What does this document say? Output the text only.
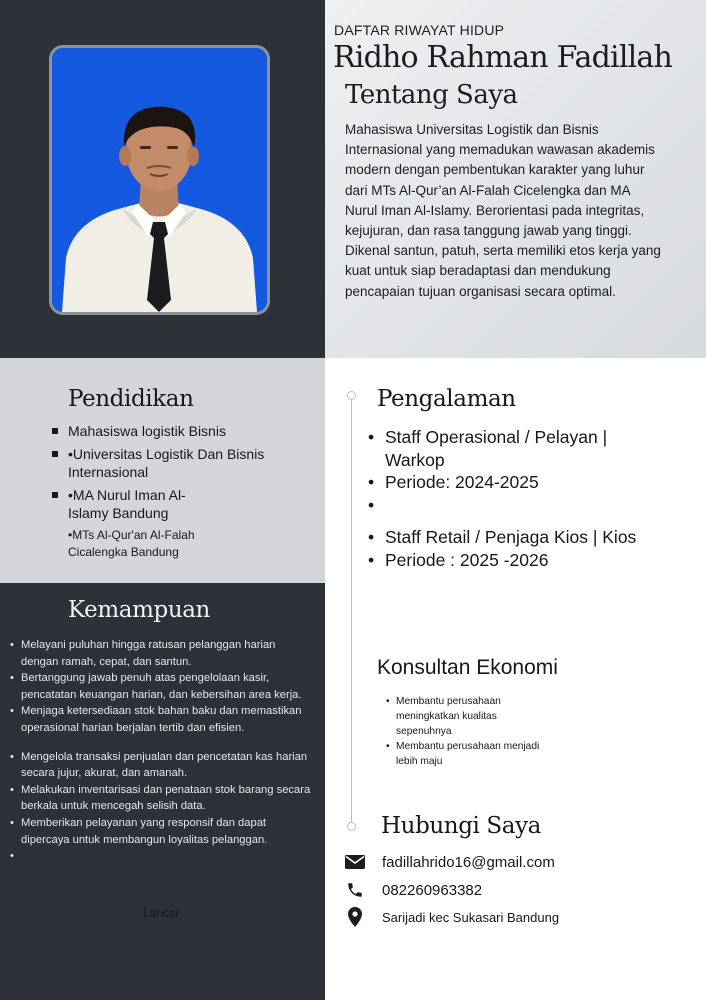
DAFTAR RIWAYAT HIDUP
Ridho Rahman Fadillah
Tentang Saya
Mahasiswa Universitas Logistik dan Bisnis Internasional yang memadukan wawasan akademis modern dengan pembentukan karakter yang luhur dari MTs Al-Qur’an Al-Falah Cicelengka dan MA Nurul Iman Al-Islamy. Berorientasi pada integritas, kejujuran, dan rasa tanggung jawab yang tinggi. Dikenal santun, patuh, serta memiliki etos kerja yang kuat untuk siap beradaptasi dan mendukung pencapaian tujuan organisasi secara optimal.
Pendidikan
Mahasiswa logistik Bisnis
•Universitas Logistik Dan Bisnis Internasional
•MA Nurul Iman Al-Islamy Bandung
•MTs Al-Qur'an Al-Falah Cicalengka Bandung
Kemampuan
• Melayani puluhan hingga ratusan pelanggan harian dengan ramah, cepat, dan santun.
• Bertanggung jawab penuh atas pengelolaan kasir, pencatatan keuangan harian, dan kebersihan area kerja.
• Menjaga ketersediaan stok bahan baku dan memastikan operasional harian berjalan tertib dan efisien.
• Mengelola transaksi penjualan dan pencetatan kas harian secara jujur, akurat, dan amanah.
• Melakukan inventarisasi dan penataan stok barang secara berkala untuk mencegah selisih data.
• Memberikan pelayanan yang responsif dan dapat dipercaya untuk membangun loyalitas pelanggan.
•
Lancar
Pengalaman
• Staff Operasional / Pelayan | Warkop
• Periode: 2024-2025
•
• Staff Retail / Penjaga Kios | Kios
• Periode : 2025 -2026
Konsultan Ekonomi
• Membantu perusahaan meningkatkan kualitas sepenuhnya
• Membantu perusahaan menjadi lebih maju
Hubungi Saya
fadillahrido16@gmail.com
082260963382
Sarijadi kec Sukasari Bandung
